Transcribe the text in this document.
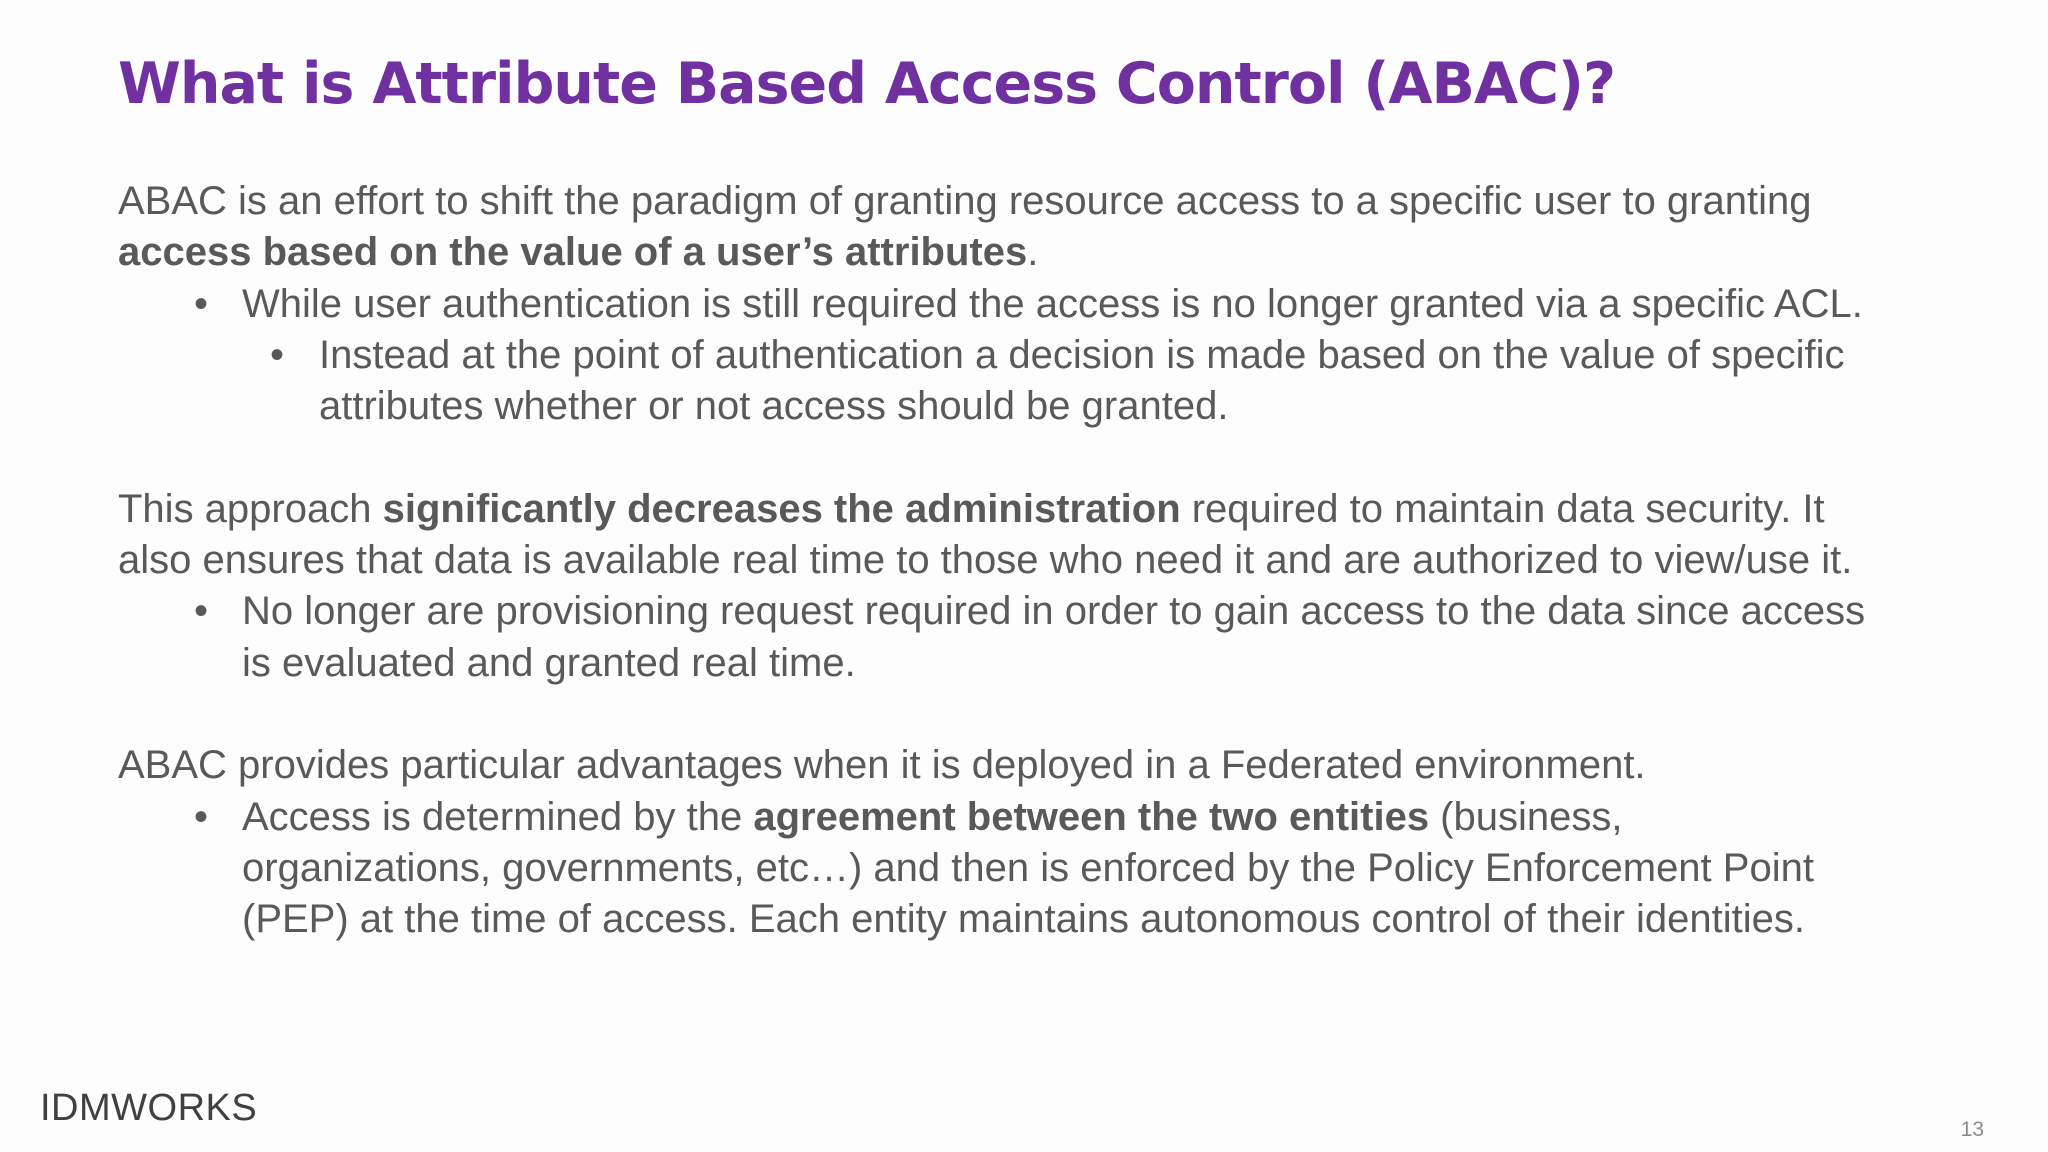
What is Attribute Based Access Control (ABAC)?

ABAC is an effort to shift the paradigm of granting resource access to a specific user to granting access based on the value of a user’s attributes.

• While user authentication is still required the access is no longer granted via a specific ACL.

• Instead at the point of authentication a decision is made based on the value of specific attributes whether or not access should be granted.

This approach significantly decreases the administration required to maintain data security. It also ensures that data is available real time to those who need it and are authorized to view/use it.

• No longer are provisioning request required in order to gain access to the data since access is evaluated and granted real time.

ABAC provides particular advantages when it is deployed in a Federated environment.

• Access is determined by the agreement between the two entities (business, organizations, governments, etc…) and then is enforced by the Policy Enforcement Point (PEP) at the time of access. Each entity maintains autonomous control of their identities.

IDMWORKS
13
